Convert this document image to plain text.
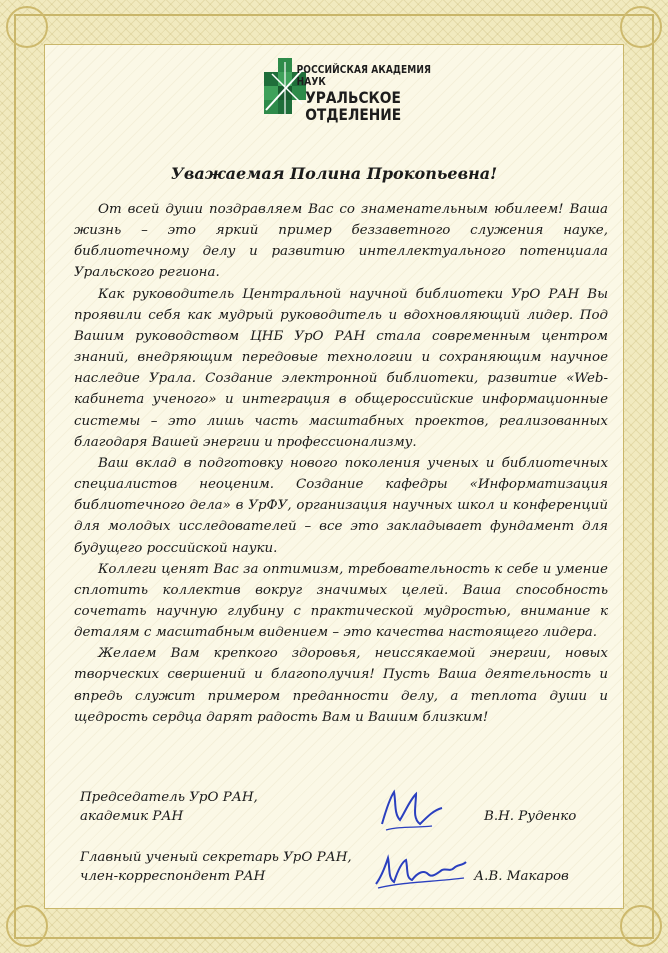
РОССИЙСКАЯ АКАДЕМИЯ НАУК
УРАЛЬСКОЕ
ОТДЕЛЕНИЕ
Уважаемая Полина Прокопьевна!

От всей души поздравляем Вас со знаменательным юбилеем! Ваша жизнь – это яркий пример беззаветного служения науке, библиотечному делу и развитию интеллектуального потенциала Уральского региона.

Как руководитель Центральной научной библиотеки УрО РАН Вы проявили себя как мудрый руководитель и вдохновляющий лидер. Под Вашим руководством ЦНБ УрО РАН стала современным центром знаний, внедряющим передовые технологии и сохраняющим научное наследие Урала. Создание электронной библиотеки, развитие «Web-кабинета ученого» и интеграция в общероссийские информационные системы – это лишь часть масштабных проектов, реализованных благодаря Вашей энергии и профессионализму.

Ваш вклад в подготовку нового поколения ученых и библиотечных специалистов неоценим. Создание кафедры «Информатизация библиотечного дела» в УрФУ, организация научных школ и конференций для молодых исследователей – все это закладывает фундамент для будущего российской науки.

Коллеги ценят Вас за оптимизм, требовательность к себе и умение сплотить коллектив вокруг значимых целей. Ваша способность сочетать научную глубину с практической мудростью, внимание к деталям с масштабным видением – это качества настоящего лидера.

Желаем Вам крепкого здоровья, неиссякаемой энергии, новых творческих свершений и благополучия! Пусть Ваша деятельность и впредь служит примером преданности делу, а теплота души и щедрость сердца дарят радость Вам и Вашим близким!

Председатель УрО РАН,
академик РАН	В.Н. Руденко
Главный ученый секретарь УрО РАН,
член-корреспондент РАН	А.В. Макаров
